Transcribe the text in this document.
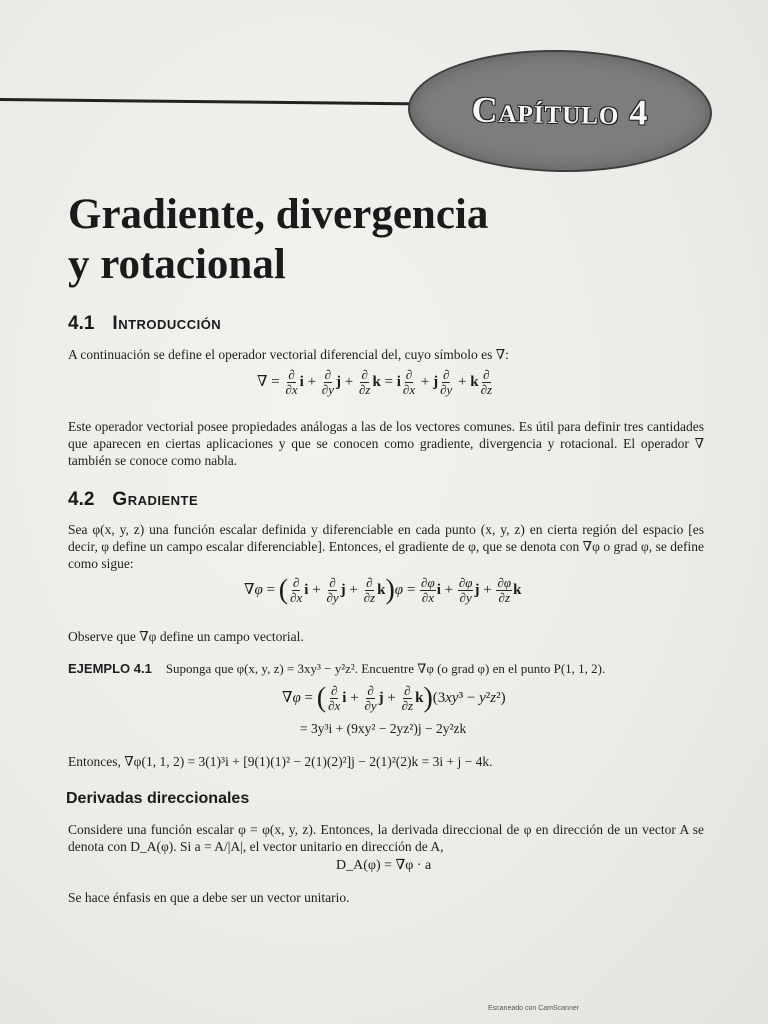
Capítulo 4
Gradiente, divergencia
y rotacional
4.1 Introducción
A continuación se define el operador vectorial diferencial del, cuyo símbolo es ∇:
∇ = $\frac{\partial}{\partial x}$ $i + \frac{\partial}{\partial y}$ $j + \frac{\partial}{\partial z}$ k = i $\frac{\partial}{\partial x} + j \frac{\partial}{\partial y} + k \frac{\partial}{\partial z}$
Este operador vectorial posee propiedades análogas a las de los vectores comunes. Es útil para definir tres cantidades que aparecen en ciertas aplicaciones y que se conocen como gradiente, divergencia y rotacional. El operador ∇ también se conoce como nabla.
4.2 Gradiente
Sea φ(x, y, z) una función escalar definida y diferenciable en cada punto (x, y, z) en cierta región del espacio [es decir, φ define un campo escalar diferenciable]. Entonces, el gradiente de φ, que se denota con ∇φ o grad φ, se define como sigue:
∇φ = ( $\frac{\partial}{\partial x}$ $i + \frac{\partial}{\partial y}$ $j + \frac{\partial}{\partial z} k)\varphi = \frac{\partial\varphi}{\partial x}$ $i + \frac{\partial\varphi}{\partial y}$ $j + \frac{\partial\varphi}{\partial z}$ k
Observe que ∇φ define un campo vectorial.
EJEMPLO 4.1 Suponga que φ(x, y, z) = 3xy³ − y²z². Encuentre ∇φ (o grad φ) en el punto P(1, 1, 2).
∇φ = ( $\frac{\partial}{\partial x}$ $i + \frac{\partial}{\partial y}$ $j + \frac{\partial}{\partial z} k)(3xy^3 - y^2z^2)$
= 3y³i + (9xy² − 2yz²)j − 2y²zk
Entonces, ∇φ(1, 1, 2) = 3(1)³i + [9(1)(1)² − 2(1)(2)²]j − 2(1)²(2)k = 3i + j − 4k.
Derivadas direccionales
Considere una función escalar φ = φ(x, y, z). Entonces, la derivada direccional de φ en dirección de un vector A se denota con D_A(φ). Si a = A/|A|, el vector unitario en dirección de A,
D_A(φ) = ∇φ · a
Se hace énfasis en que a debe ser un vector unitario.
Escaneado con CamScanner
